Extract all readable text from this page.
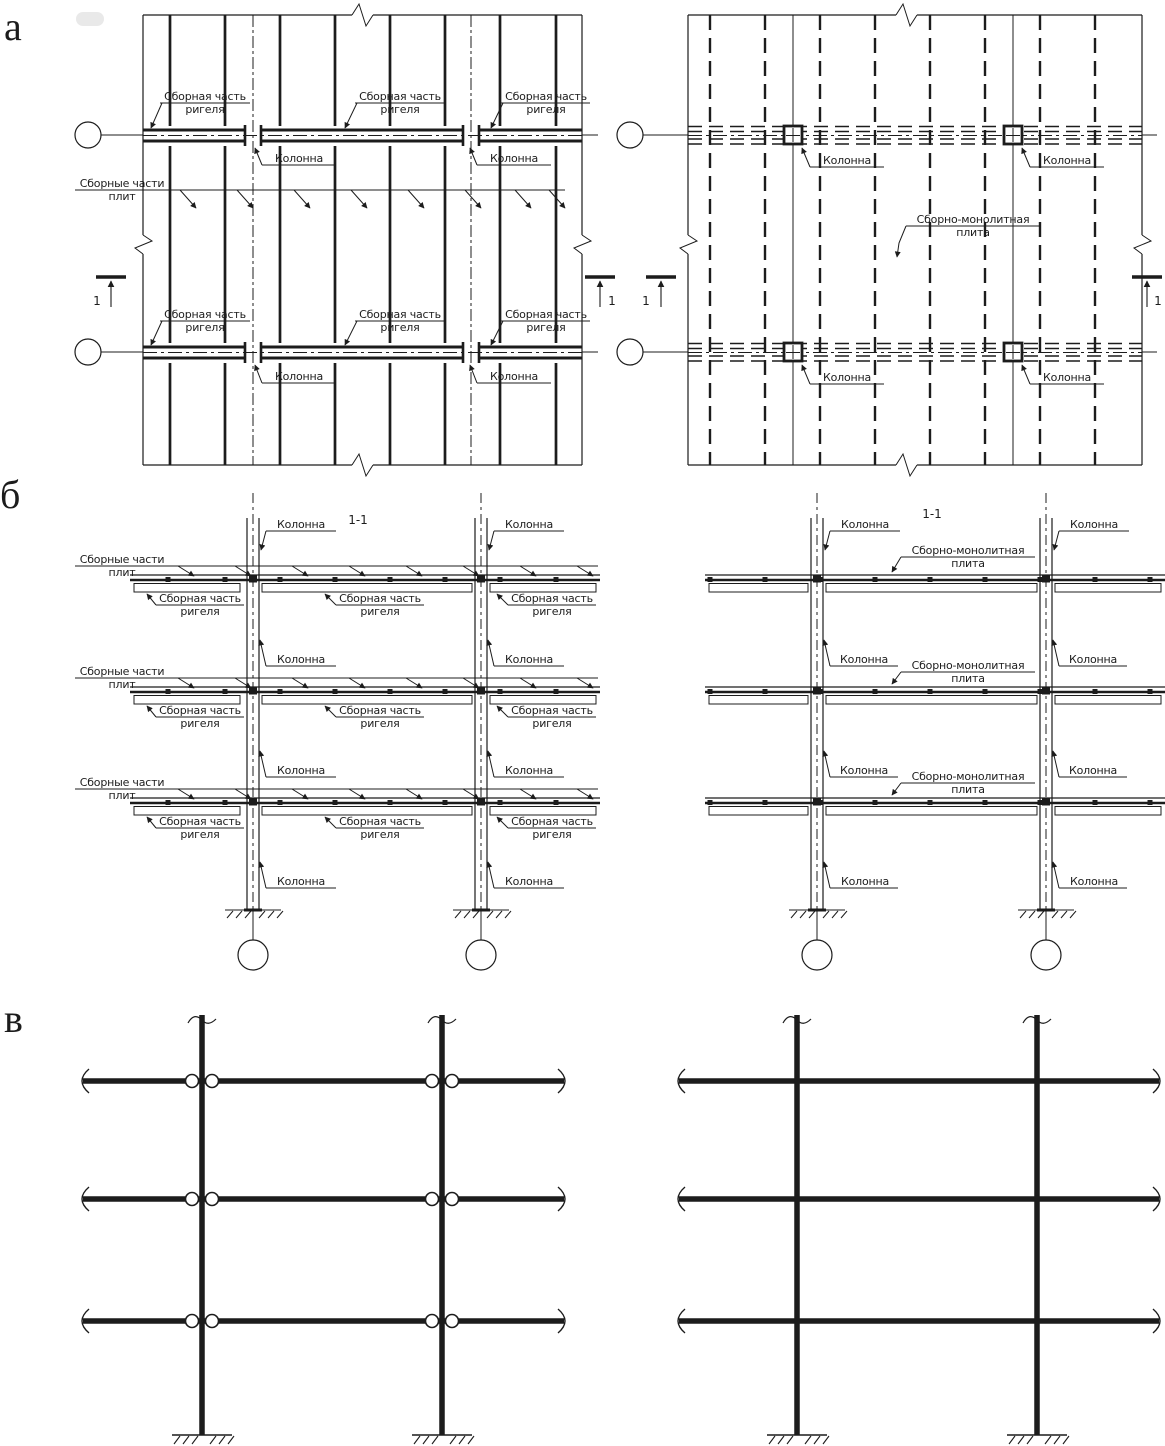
а
б
в
Сборная часть
ригеля
Сборная часть
ригеля
Сборная часть
ригеля
Колонна	Колонна
Сборные части
плит
Сборная часть
ригеля
Сборная часть
ригеля
Сборная часть
ригеля
Колонна	Колонна
1	1
Колонна	Колонна
Сборно-монолитная
плита
Колонна	Колонна
1	1
1-1
Колонна	Колонна
Сборные части
плит
Сборная часть
ригеля
Сборная часть
ригеля
Сборная часть
ригеля
Колонна	Колонна
Сборные части
плит
Сборная часть
ригеля
Сборная часть
ригеля
Сборная часть
ригеля
Колонна	Колонна
Сборные части
плит
Сборная часть
ригеля
Сборная часть
ригеля
Сборная часть
ригеля
Колонна	Колонна
1-1
Колонна	Колонна
Сборно-монолитная
плита
Колонна	Колонна
Сборно-монолитная
плита
Колонна	Колонна
Сборно-монолитная
плита
Колонна	Колонна
